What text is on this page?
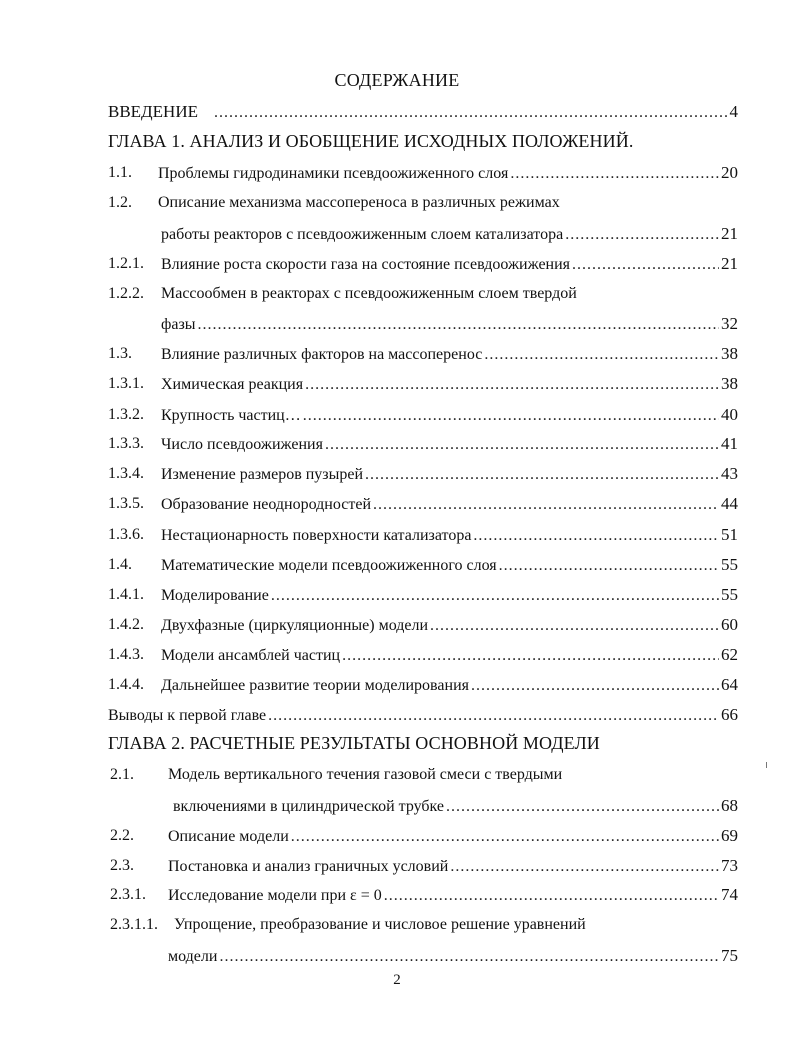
СОДЕРЖАНИЕ
ВВЕДЕНИЕ .....	4
ГЛАВА 1. АНАЛИЗ И ОБОБЩЕНИЕ ИСХОДНЫХ ПОЛОЖЕНИЙ.
1.1. Проблемы гидродинамики псевдоожиженного слоя .....	20
1.2. Описание механизма массопереноса в различных режимах
работы реакторов с псевдоожиженным слоем катализатора .....	21
1.2.1. Влияние роста скорости газа на состояние псевдоожижения .....	21
1.2.2. Массообмен в реакторах с псевдоожиженным слоем твердой
фазы .....	32
1.3. Влияние различных факторов на массоперенос .....	38
1.3.1. Химическая реакция .....	38
1.3.2. Крупность частиц… .....	40
1.3.3. Число псевдоожижения .....	41
1.3.4. Изменение размеров пузырей .....	43
1.3.5. Образование неоднородностей .....	44
1.3.6. Нестационарность поверхности катализатора .....	51
1.4. Математические модели псевдоожиженного слоя .....	55
1.4.1. Моделирование .....	55
1.4.2. Двухфазные (циркуляционные) модели .....	60
1.4.3. Модели ансамблей частиц .....	62
1.4.4. Дальнейшее развитие теории моделирования .....	64
Выводы к первой главе .....	66
ГЛАВА 2. РАСЧЕТНЫЕ РЕЗУЛЬТАТЫ ОСНОВНОЙ МОДЕЛИ
2.1. Модель вертикального течения газовой смеси с твердыми
включениями в цилиндрической трубке .....	68
2.2. Описание модели .....	69
2.3. Постановка и анализ граничных условий .....	73
2.3.1. Исследование модели при ε = 0 .....	74
2.3.1.1. Упрощение, преобразование и числовое решение уравнений
модели .....	75
2
